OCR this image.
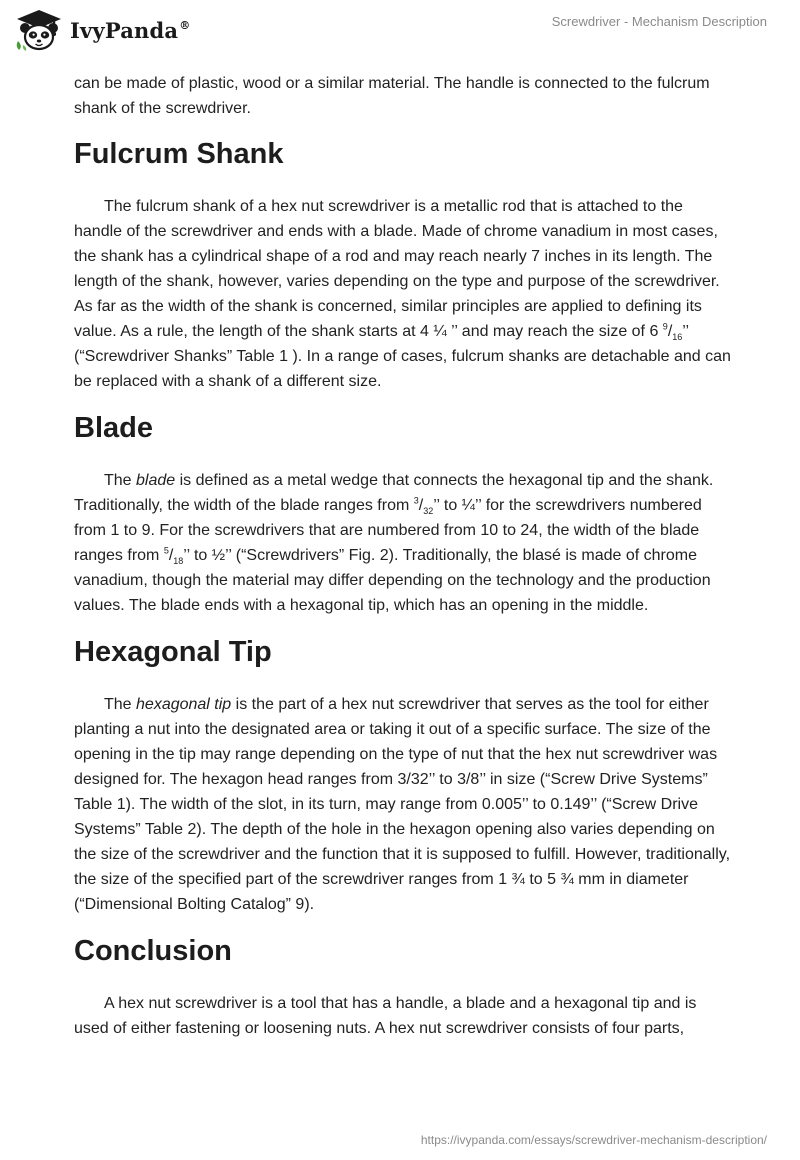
IvyPanda®	Screwdriver - Mechanism Description

can be made of plastic, wood or a similar material. The handle is connected to the fulcrum shank of the screwdriver.

Fulcrum Shank

The fulcrum shank of a hex nut screwdriver is a metallic rod that is attached to the handle of the screwdriver and ends with a blade. Made of chrome vanadium in most cases, the shank has a cylindrical shape of a rod and may reach nearly 7 inches in its length. The length of the shank, however, varies depending on the type and purpose of the screwdriver. As far as the width of the shank is concerned, similar principles are applied to defining its value. As a rule, the length of the shank starts at 4 ¼ ’’ and may reach the size of 6 $^9/_{16}$’’ (“Screwdriver Shanks” Table 1 ). In a range of cases, fulcrum shanks are detachable and can be replaced with a shank of a different size.

Blade

The blade is defined as a metal wedge that connects the hexagonal tip and the shank. Traditionally, the width of the blade ranges from $^3/_{32}$’’ to ¼’’ for the screwdrivers numbered from 1 to 9. For the screwdrivers that are numbered from 10 to 24, the width of the blade ranges from $^5/_{18}$’’ to ½’’ (“Screwdrivers” Fig. 2). Traditionally, the blasé is made of chrome vanadium, though the material may differ depending on the technology and the production values. The blade ends with a hexagonal tip, which has an opening in the middle.

Hexagonal Tip

The hexagonal tip is the part of a hex nut screwdriver that serves as the tool for either planting a nut into the designated area or taking it out of a specific surface. The size of the opening in the tip may range depending on the type of nut that the hex nut screwdriver was designed for. The hexagon head ranges from 3/32’’ to 3/8’’ in size (“Screw Drive Systems” Table 1). The width of the slot, in its turn, may range from 0.005’’ to 0.149’’ (“Screw Drive Systems” Table 2). The depth of the hole in the hexagon opening also varies depending on the size of the screwdriver and the function that it is supposed to fulfill. However, traditionally, the size of the specified part of the screwdriver ranges from 1 ¾ to 5 ¾ mm in diameter (“Dimensional Bolting Catalog” 9).

Conclusion

A hex nut screwdriver is a tool that has a handle, a blade and a hexagonal tip and is used of either fastening or loosening nuts. A hex nut screwdriver consists of four parts,

https://ivypanda.com/essays/screwdriver-mechanism-description/
